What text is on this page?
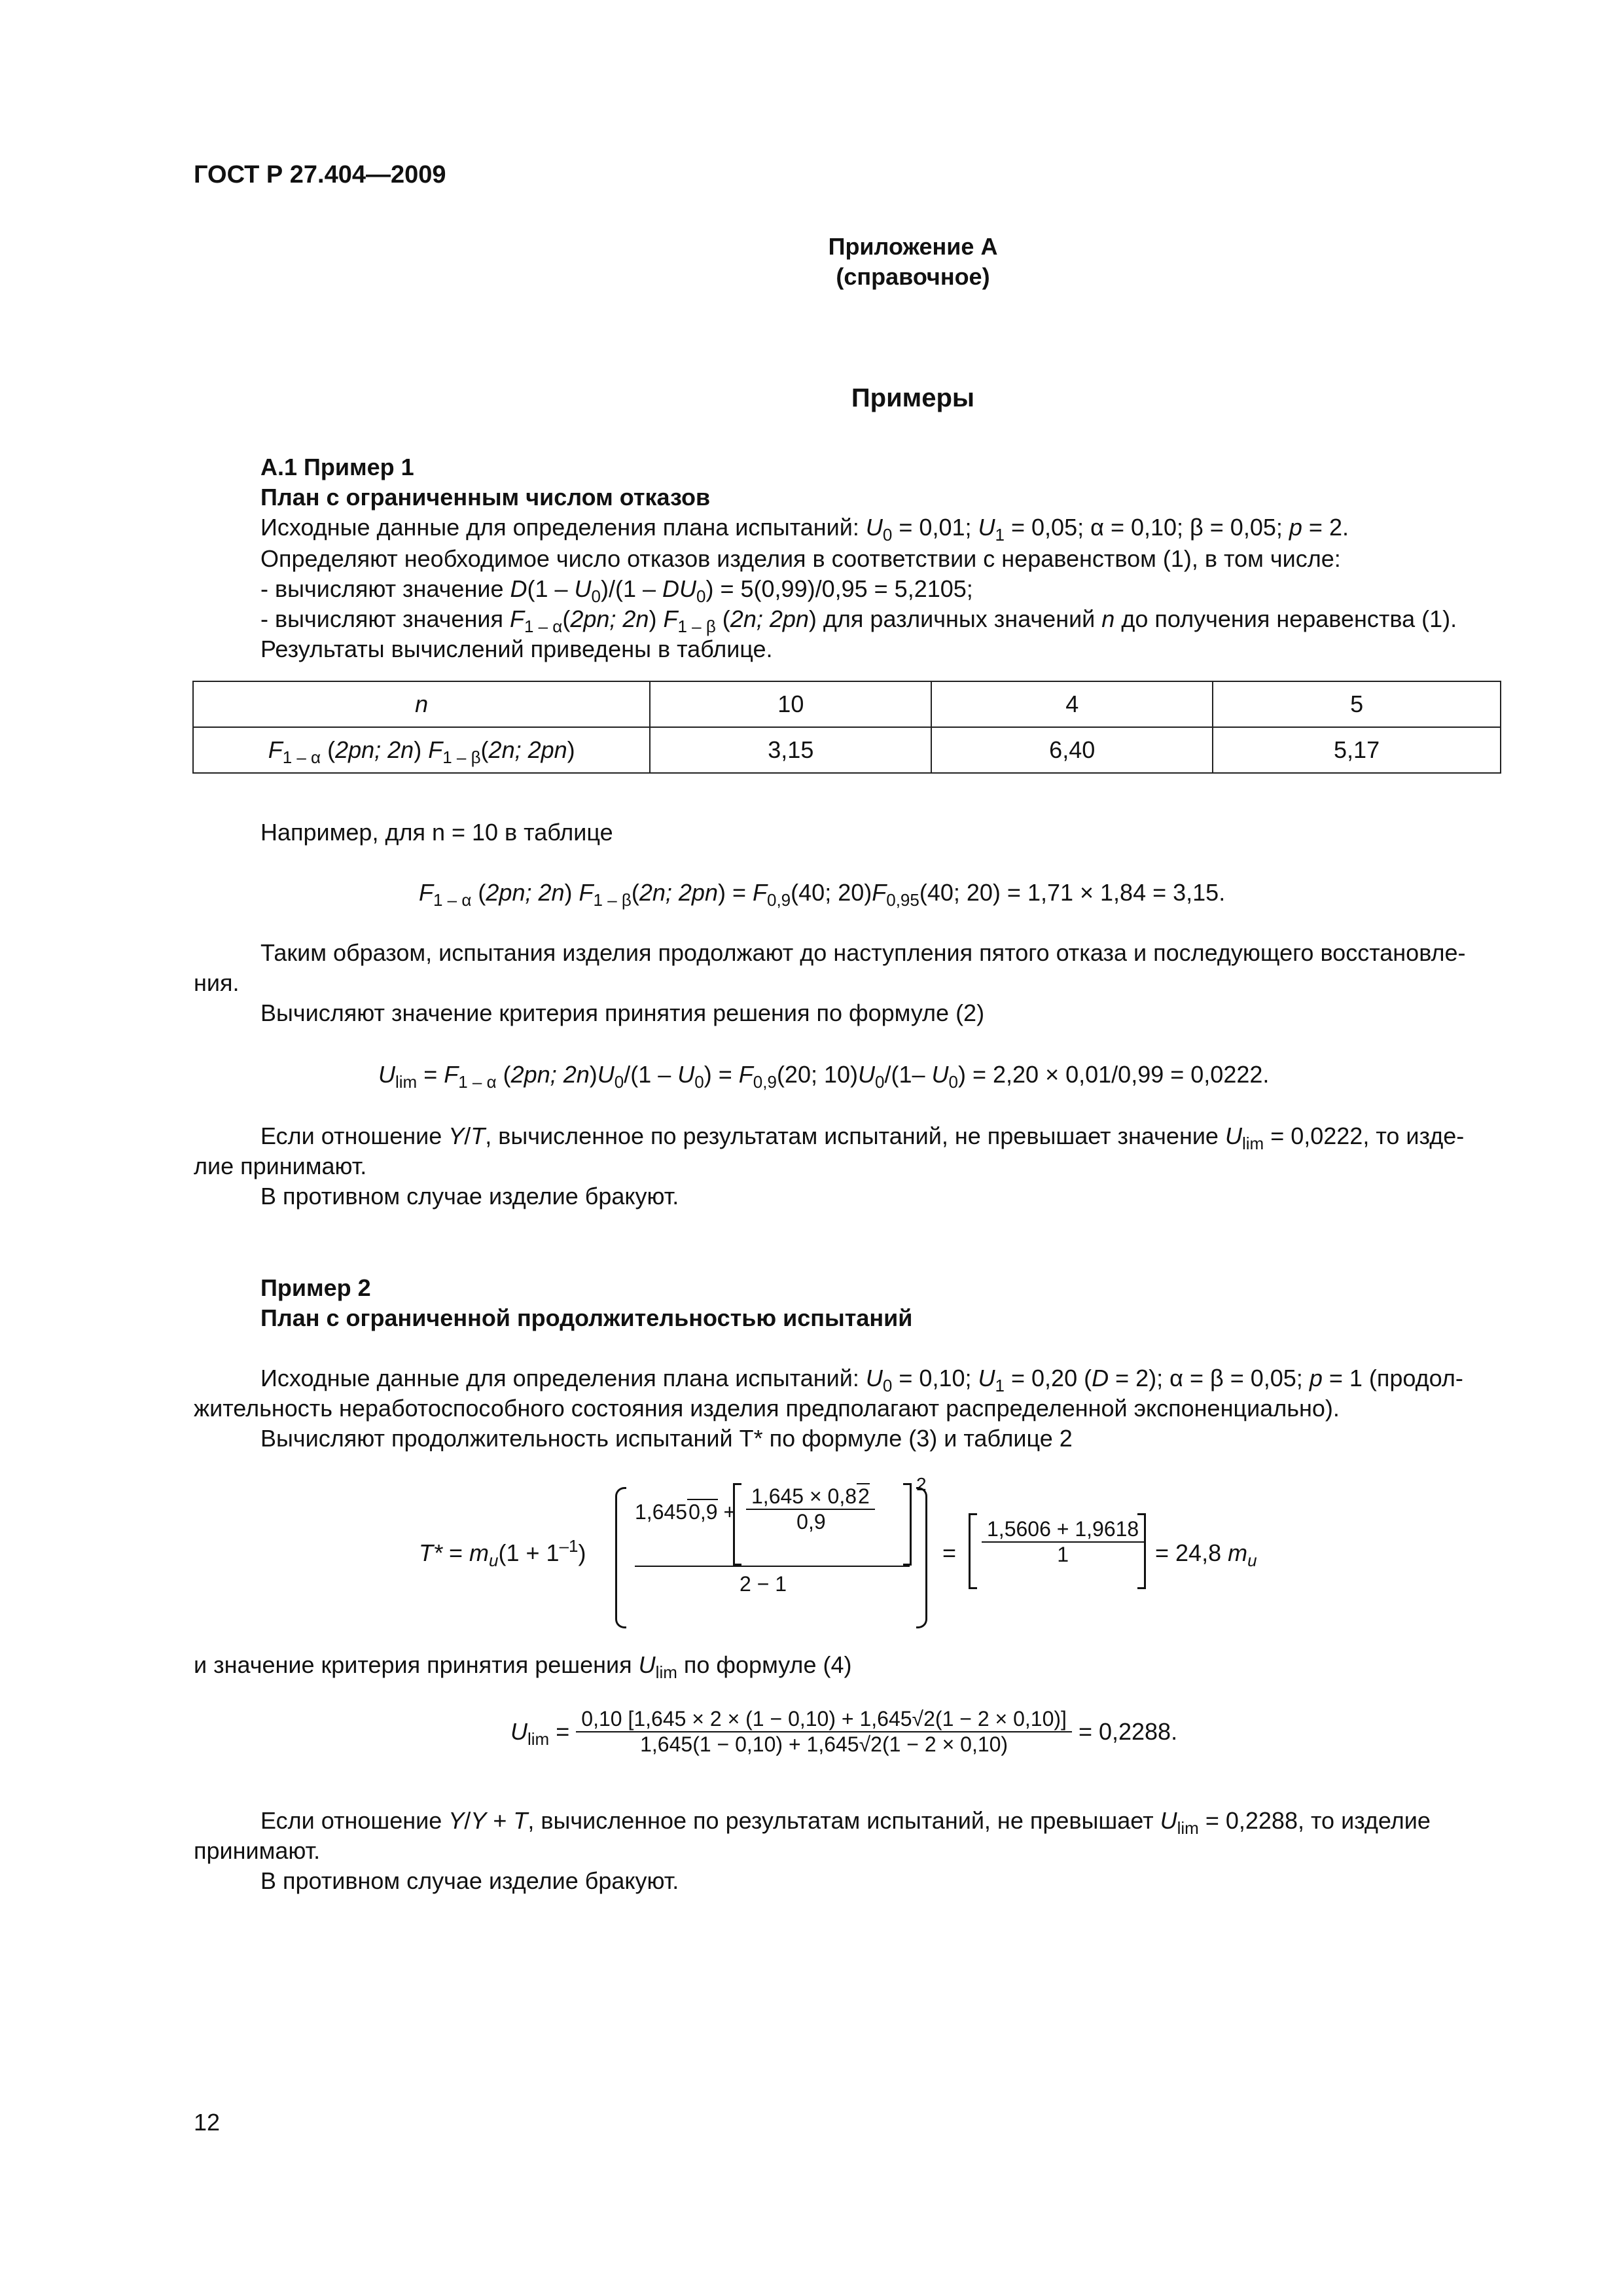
ГОСТ Р 27.404—2009
Приложение А
(справочное)
Примеры
А.1 Пример 1
План с ограниченным числом отказов
Исходные данные для определения плана испытаний: $U_0 = 0,01$; $U_1 = 0,05$; α = 0,10; β = 0,05; p = 2.
Определяют необходимое число отказов изделия в соответствии с неравенством (1), в том числе:
- вычисляют значение $D(1 - U_0)/(1 - DU_0) = 5(0,99)/0,95 = 5,2105$;
- вычисляют значения $F_{1 - \alpha}(2pn$; 2n) $F_{1 - \beta}$ (2n; 2pn) для различных значений n до получения неравенства (1).
Результаты вычислений приведены в таблице.
n	10	4	5
$F_{1 - \alpha}$ (2pn; 2n) $F_{1 - \beta}(2n$; 2pn)	3,15	6,40	5,17
Например, для n = 10 в таблице
$F_{1 - \alpha}$ (2pn; 2n) $F_{1 - \beta}(2n$; $2pn) = F_{0,9}(40$; $20)F_{0,95}(40$; 20) = 1,71 × 1,84 = 3,15.
Таким образом, испытания изделия продолжают до наступления пятого отказа и последующего восстановле-
ния.
Вычисляют значение критерия принятия решения по формуле (2)
$U_{lim} = F_{1 - \alpha}$ (2pn; $2n)U_0/(1 - U_0) = F_{0,9}(20$; $10)U_0/(1-$ $U_0) = 2,20 \times 0,01/0,99 = 0,0222$.
Если отношение Y/T, вычисленное по результатам испытаний, не превышает значение $U_{lim} = 0,0222$, то изде-
лие принимают.
В противном случае изделие бракуют.
Пример 2
План с ограниченной продолжительностью испытаний
Исходные данные для определения плана испытаний: $U_0 = 0,10$; $U_1 = 0,20$ (D = 2); α = β = 0,05; p = 1 (продол-
жительность неработоспособного состояния изделия предполагают распределенной экспоненциально).
Вычисляют продолжительность испытаний T* по формуле (3) и таблице 2
$T* = m_u(1 + 1^{-1})$
$1,6450,9 + \frac{1,645 \times 0,82}{0,9}$
2
2 − 1
= $\frac{1,5606 + 1,9618}{1} = 24,8$ $m_u$
и значение критерия принятия решения $U_{lim}$ по формуле (4)
$U_{lim} = \frac{0,10 [1,645 \times 2 \times (1 - 0,10) + 1,645√2(1 - 2 \times 0,10)]}{1,645(1 - 0,10) + 1,645√2(1 - 2 \times 0,10)} = 0,2288$.
Если отношение Y/Y + T, вычисленное по результатам испытаний, не превышает $U_{lim} = 0,2288$, то изделие
принимают.
В противном случае изделие бракуют.
12
